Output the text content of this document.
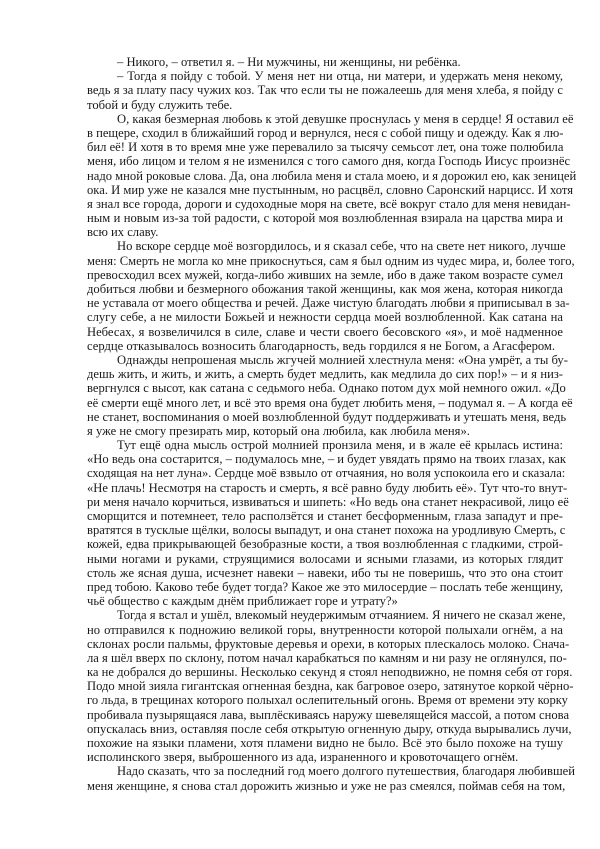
– Никого, – ответил я. – Ни мужчины, ни женщины, ни ребёнка.
– Тогда я пойду с тобой. У меня нет ни отца, ни матери, и удержать меня некому,
ведь я за плату пасу чужих коз. Так что если ты не пожалеешь для меня хлеба, я пойду с
тобой и буду служить тебе.
О, какая безмерная любовь к этой девушке проснулась у меня в сердце! Я оставил её
в пещере, сходил в ближайший город и вернулся, неся с собой пищу и одежду. Как я лю-
бил её! И хотя в то время мне уже перевалило за тысячу семьсот лет, она тоже полюбила
меня, ибо лицом и телом я не изменился с того самого дня, когда Господь Иисус произнёс
надо мной роковые слова. Да, она любила меня и стала моею, и я дорожил ею, как зеницей
ока. И мир уже не казался мне пустынным, но расцвёл, словно Саронский нарцисс. И хотя
я знал все города, дороги и судоходные моря на свете, всё вокруг стало для меня невидан-
ным и новым из-за той радости, с которой моя возлюбленная взирала на царства мира и
всю их славу.
Но вскоре сердце моё возгордилось, и я сказал себе, что на свете нет никого, лучше
меня: Смерть не могла ко мне прикоснуться, сам я был одним из чудес мира, и, более того,
превосходил всех мужей, когда-либо живших на земле, ибо в даже таком возрасте сумел
добиться любви и безмерного обожания такой женщины, как моя жена, которая никогда
не уставала от моего общества и речей. Даже чистую благодать любви я приписывал в за-
слугу себе, а не милости Божьей и нежности сердца моей возлюбленной. Как сатана на
Небесах, я возвеличился в силе, славе и чести своего бесовского «я», и моё надменное
сердце отказывалось возносить благодарность, ведь гордился я не Богом, а Агасфером.
Однажды непрошеная мысль жгучей молнией хлестнула меня: «Она умрёт, а ты бу-
дешь жить, и жить, и жить, а смерть будет медлить, как медлила до сих пор!» – и я низ-
вергнулся с высот, как сатана с седьмого неба. Однако потом дух мой немного ожил. «До
её смерти ещё много лет, и всё это время она будет любить меня, – подумал я. – А когда её
не станет, воспоминания о моей возлюбленной будут поддерживать и утешать меня, ведь
я уже не смогу презирать мир, который она любила, как любила меня».
Тут ещё одна мысль острой молнией пронзила меня, и в жале её крылась истина:
«Но ведь она состарится, – подумалось мне, – и будет увядать прямо на твоих глазах, как
сходящая на нет луна». Сердце моё взвыло от отчаяния, но воля успокоила его и сказала:
«Не плачь! Несмотря на старость и смерть, я всё равно буду любить её». Тут что-то внут-
ри меня начало корчиться, извиваться и шипеть: «Но ведь она станет некрасивой, лицо её
сморщится и потемнеет, тело расползётся и станет бесформенным, глаза западут и пре-
вратятся в тусклые щёлки, волосы выпадут, и она станет похожа на уродливую Смерть, с
кожей, едва прикрывающей безобразные кости, а твоя возлюбленная с гладкими, строй-
ными ногами и руками, струящимися волосами и ясными глазами, из которых глядит
столь же ясная душа, исчезнет навеки – навеки, ибо ты не поверишь, что это она стоит
пред тобою. Каково тебе будет тогда? Какое же это милосердие – послать тебе женщину,
чьё общество с каждым днём приближает горе и утрату?»
Тогда я встал и ушёл, влекомый неудержимым отчаянием. Я ничего не сказал жене,
но отправился к подножию великой горы, внутренности которой полыхали огнём, а на
склонах росли пальмы, фруктовые деревья и орехи, в которых плескалось молоко. Снача-
ла я шёл вверх по склону, потом начал карабкаться по камням и ни разу не оглянулся, по-
ка не добрался до вершины. Несколько секунд я стоял неподвижно, не помня себя от горя.
Подо мной зияла гигантская огненная бездна, как багровое озеро, затянутое коркой чёрно-
го льда, в трещинах которого полыхал ослепительный огонь. Время от времени эту корку
пробивала пузырящаяся лава, выплёскиваясь наружу шевелящейся массой, а потом снова
опускалась вниз, оставляя после себя открытую огненную дыру, откуда вырывались лучи,
похожие на языки пламени, хотя пламени видно не было. Всё это было похоже на тушу
исполинского зверя, выброшенного из ада, израненного и кровоточащего огнём.
Надо сказать, что за последний год моего долгого путешествия, благодаря любившей
меня женщине, я снова стал дорожить жизнью и уже не раз смеялся, поймав себя на том,
